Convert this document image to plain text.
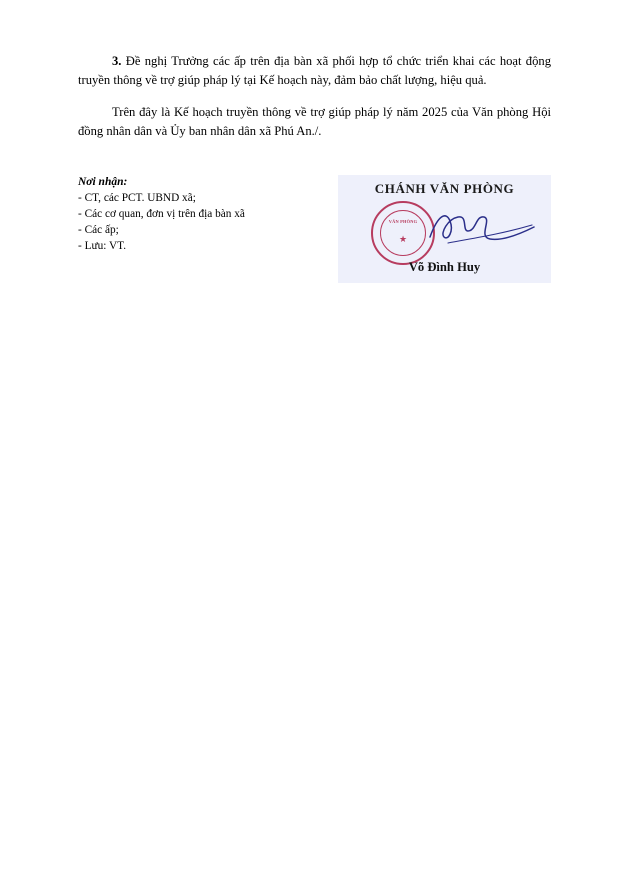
3. Đề nghị Trưởng các ấp trên địa bàn xã phối hợp tổ chức triển khai các hoạt động truyền thông về trợ giúp pháp lý tại Kế hoạch này, đảm bảo chất lượng, hiệu quả.

Trên đây là Kế hoạch truyền thông về trợ giúp pháp lý năm 2025 của Văn phòng Hội đồng nhân dân và Ủy ban nhân dân xã Phú An./.

Nơi nhận:
- CT, các PCT. UBND xã;
- Các cơ quan, đơn vị trên địa bàn xã
- Các ấp;
- Lưu: VT.
CHÁNH VĂN PHÒNG
VĂN PHÒNG
★
Võ Đình Huy
